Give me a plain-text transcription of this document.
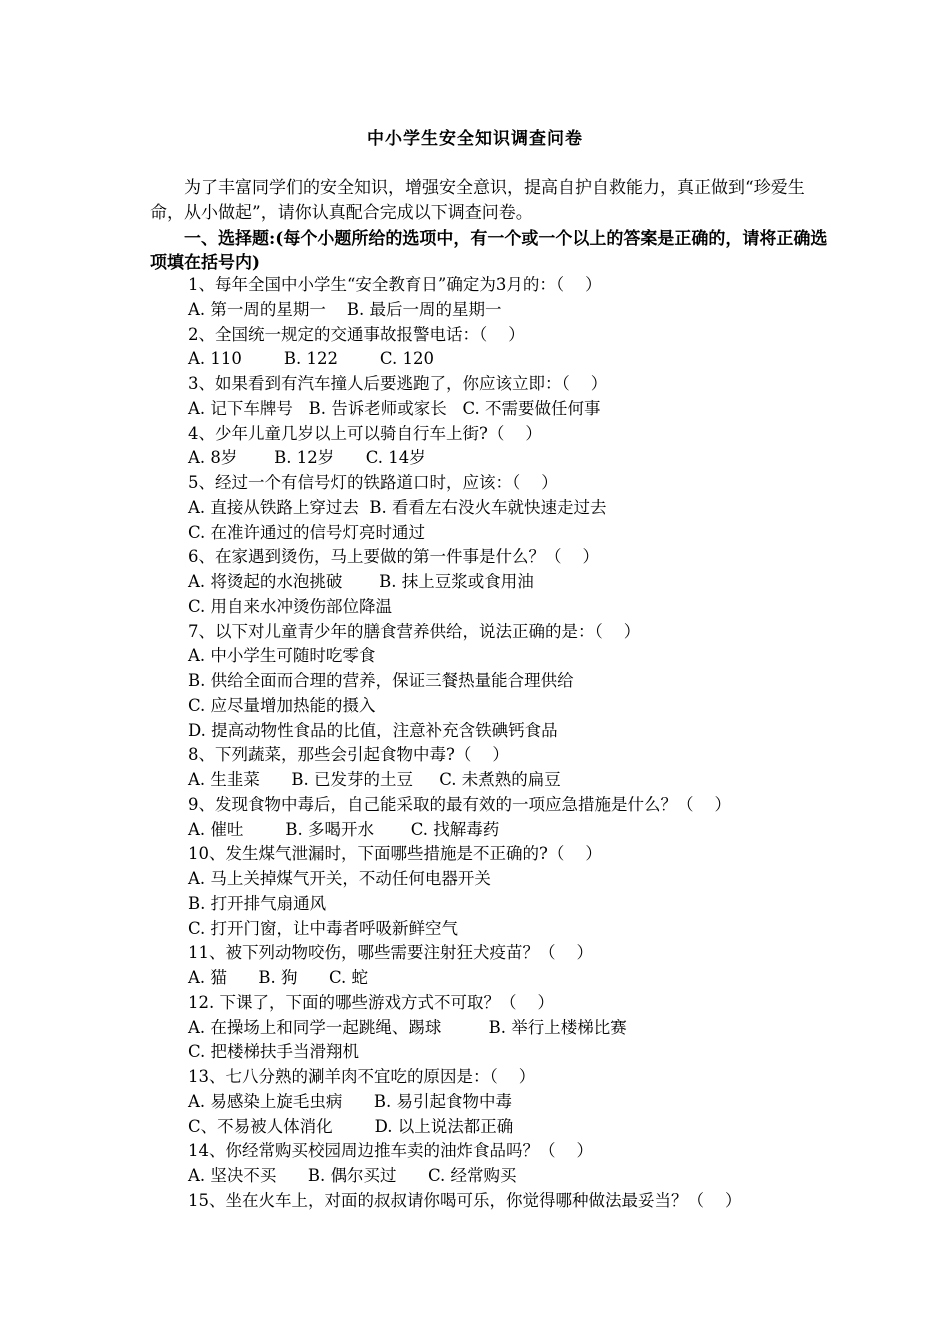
中小学生安全知识调查问卷
为了丰富同学们的安全知识，增强安全意识，提高自护自救能力，真正做到“珍爱生命，从小做起”，请你认真配合完成以下调查问卷。
一、选择题:(每个小题所给的选项中，有一个或一个以上的答案是正确的，请将正确选项填在括号内)
1、每年全国中小学生“安全教育日”确定为3月的：（    ）
A. 第一周的星期一    B. 最后一周的星期一
2、全国统一规定的交通事故报警电话：（    ）
A. 110        B. 122        C. 120
3、如果看到有汽车撞人后要逃跑了，你应该立即：（    ）
A. 记下车牌号   B. 告诉老师或家长   C. 不需要做任何事
4、少年儿童几岁以上可以骑自行车上街?（    ）
A. 8岁       B. 12岁      C. 14岁
5、经过一个有信号灯的铁路道口时，应该：（    ）
A. 直接从铁路上穿过去  B. 看看左右没火车就快速走过去
C. 在准许通过的信号灯亮时通过
6、在家遇到烫伤，马上要做的第一件事是什么？（    ）
A. 将烫起的水泡挑破       B. 抹上豆浆或食用油
C. 用自来水冲烫伤部位降温
7、以下对儿童青少年的膳食营养供给，说法正确的是：（    ）
A. 中小学生可随时吃零食
B. 供给全面而合理的营养，保证三餐热量能合理供给
C. 应尽量增加热能的摄入
D. 提高动物性食品的比值，注意补充含铁碘钙食品
8、下列蔬菜，那些会引起食物中毒?（    ）
A. 生韭菜      B. 已发芽的土豆     C. 未煮熟的扁豆
9、发现食物中毒后，自己能采取的最有效的一项应急措施是什么？（    ）
A. 催吐        B. 多喝开水       C. 找解毒药
10、发生煤气泄漏时，下面哪些措施是不正确的?（    ）
A. 马上关掉煤气开关，不动任何电器开关
B. 打开排气扇通风
C. 打开门窗，让中毒者呼吸新鲜空气
11、被下列动物咬伤，哪些需要注射狂犬疫苗？（    ）
A. 猫      B. 狗      C. 蛇
12. 下课了，下面的哪些游戏方式不可取？（    ）
A. 在操场上和同学一起跳绳、踢球         B. 举行上楼梯比赛
C. 把楼梯扶手当滑翔机
13、七八分熟的涮羊肉不宜吃的原因是：（    ）
A. 易感染上旋毛虫病      B. 易引起食物中毒
C、不易被人体消化        D. 以上说法都正确
14、你经常购买校园周边推车卖的油炸食品吗？（    ）
A. 坚决不买      B. 偶尔买过      C. 经常购买
15、坐在火车上，对面的叔叔请你喝可乐，你觉得哪种做法最妥当？（    ）
